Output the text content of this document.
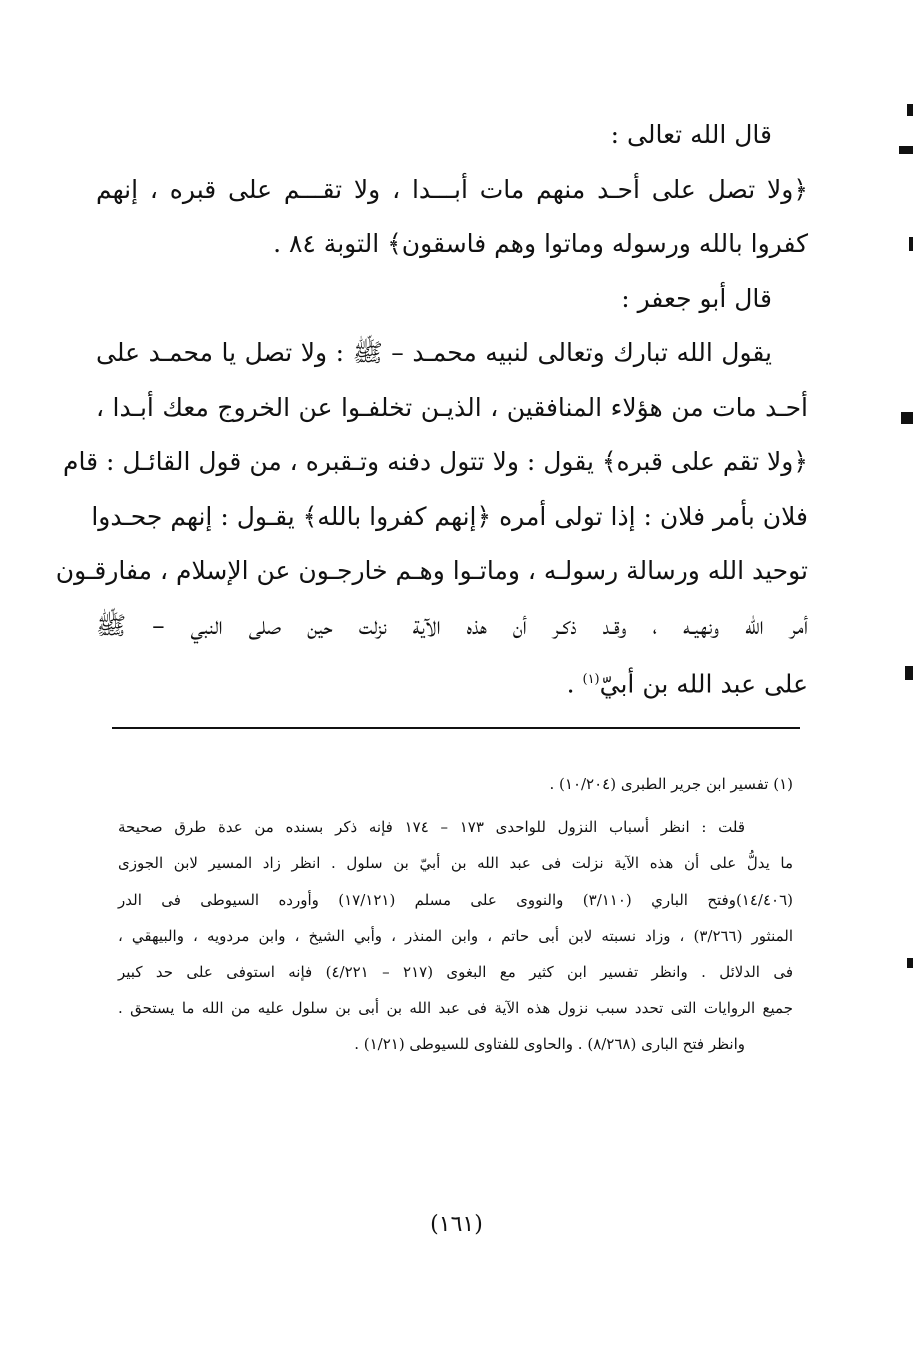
قال الله تعالى :
﴿ولا تصل على أحـد منهم مات أبـــدا ، ولا تقـــم على قبره ، إنهم
كفروا بالله ورسوله وماتوا وهم فاسقون﴾ التوبة ٨٤ .
قال أبو جعفر :
يقول الله تبارك وتعالى لنبيه محمـد – ﷺ : ولا تصل يا محمـد على
أحـد مات من هؤلاء المنافقين ، الذيـن تخلفـوا عن الخروج معك أبـدا ،
﴿ولا تقم على قبره﴾ يقول : ولا تتول دفنه وتـقبره ، من قول القائـل : قام
فلان بأمر فلان : إذا تولى أمره ﴿إنهم كفروا بالله﴾ يقـول : إنهم جحـدوا
توحيد الله ورسالة رسولـه ، وماتـوا وهـم خارجـون عن الإسلام ، مفارقـون
أمر الله ونهيـه ، وقـد ذكـر أن هذه الآية نزلت حين صلى النبي – ﷺ
على عبد الله بن أبيّ$^{(١)}$ .
(١) تفسير ابن جرير الطبرى (١٠/٢٠٤) .
قلت : انظر أسباب النزول للواحدى ١٧٣ – ١٧٤ فإنه ذكر بسنده من عدة طرق صحيحة
ما يدلُّ على أن هذه الآية نزلت فى عبد الله بن أبيّ بن سلول . انظر زاد المسير لابن الجوزى
(١٤/٤٠٦)وفتح الباري (٣/١١٠) والنووى على مسلم (١٧/١٢١) وأورده السيوطى فى الدر
المنثور (٣/٢٦٦) ، وزاد نسبته لابن أبى حاتم ، وابن المنذر ، وأبي الشيخ ، وابن مردويه ، والبيهقي ،
فى الدلائل . وانظر تفسير ابن كثير مع البغوى (٢١٧ – ٤/٢٢١) فإنه استوفى على حد كبير
جميع الروايات التى تحدد سبب نزول هذه الآية فى عبد الله بن أبى بن سلول عليه من الله ما يستحق .
وانظر فتح البارى (٨/٢٦٨) . والحاوى للفتاوى للسيوطى (١/٢١) .
(١٦١)
